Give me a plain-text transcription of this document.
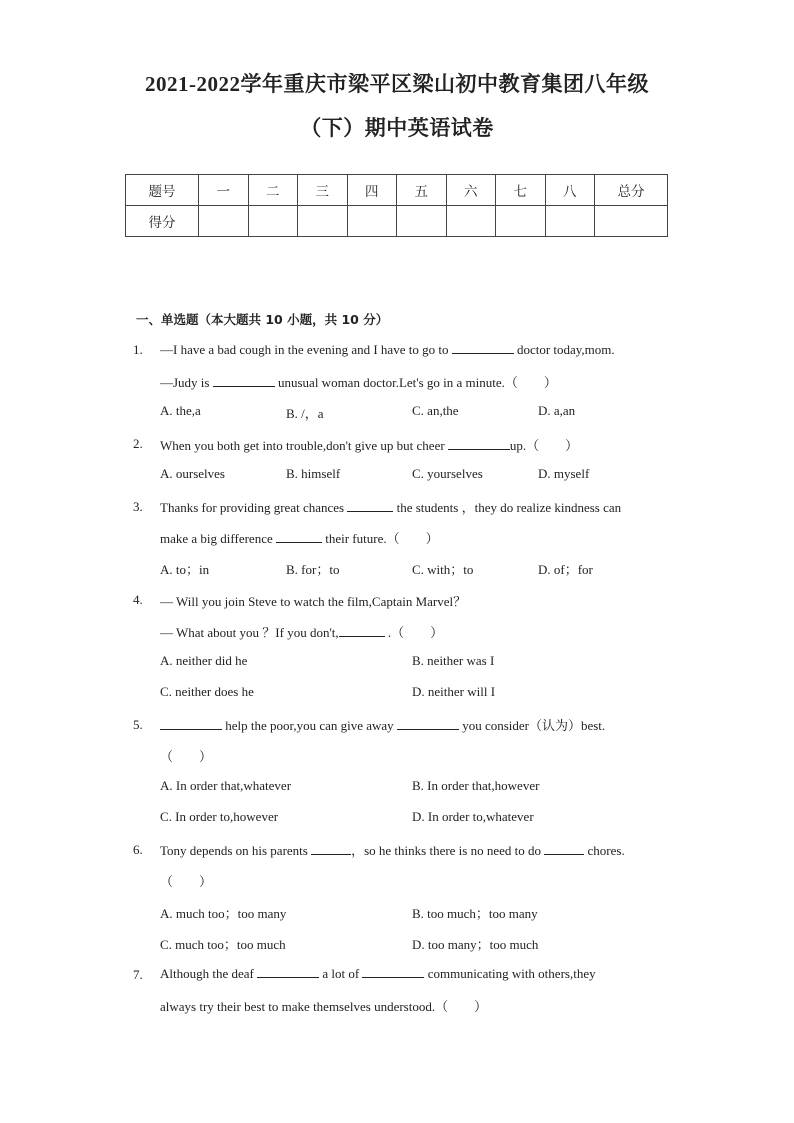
2021-2022学年重庆市梁平区梁山初中教育集团八年级
（下）期中英语试卷
题号	一	二	三	四	五	六	七	八	总分
得分									
一、单选题（本大题共 10 小题，共 10 分）
1. —I have a bad cough in the evening and I have to go to	doctor today,mom.
—Judy is	unusual woman doctor.Let's go in a minute.（　　）
A. the,a	B. /，a	C. an,the	D. a,an
2. When you both get into trouble,don't give up but cheer	up.（　　）
A. ourselves	B. himself	C. yourselves	D. myself
3. Thanks for providing great chances	the students ，they do realize kindness can
make a big difference	their future.（　　）
A. to；in	B. for；to	C. with；to	D. of；for
4. — Will you join Steve to watch the film,Captain Marvel？
— What about you ？If you don't,	.（　　）
A. neither did he	B. neither was I
C. neither does he	D. neither will I
5.	help the poor,you can give away	you consider（认为）best.
（　　）
A. In order that,whatever	B. In order that,however
C. In order to,however	D. In order to,whatever
6. Tony depends on his parents	，so he thinks there is no need to do	chores.
（　　）
A. much too；too many	B. too much；too many
C. much too；too much	D. too many；too much
7. Although the deaf	a lot of	communicating with others,they
always try their best to make themselves understood.（　　）
